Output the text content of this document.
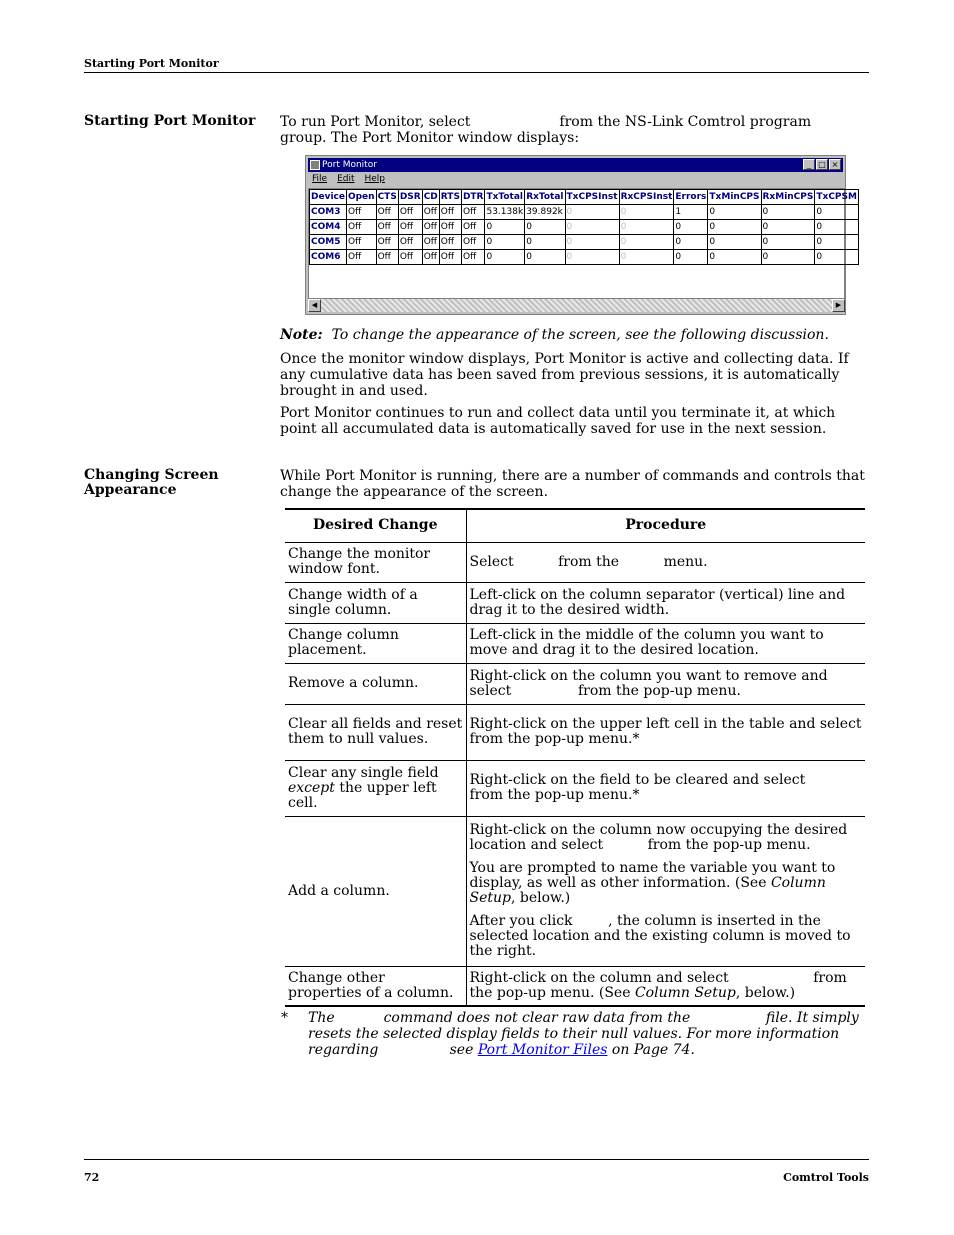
Starting Port Monitor
Starting Port Monitor	To run Port Monitor, select                    from the NS-Link Comtrol program
group. The Port Monitor window displays:
Port Monitor	_ □ ×
File Edit Help
Device	Open	CTS	DSR	CD	RTS	DTR	TxTotal	RxTotal	TxCPSInst	RxCPSInst	Errors	TxMinCPS	RxMinCPS	TxCPSM
COM3	Off	Off	Off	Off	Off	Off	53.138k	39.892k	0	0	1	0	0	0
COM4	Off	Off	Off	Off	Off	Off	0	0	0	0	0	0	0	0
COM5	Off	Off	Off	Off	Off	Off	0	0	0	0	0	0	0	0
COM6	Off	Off	Off	Off	Off	Off	0	0	0	0	0	0	0	0
◀	▶
Note: To change the appearance of the screen, see the following discussion.
Once the monitor window displays, Port Monitor is active and collecting data. If
any cumulative data has been saved from previous sessions, it is automatically
brought in and used.
Port Monitor continues to run and collect data until you terminate it, at which
point all accumulated data is automatically saved for use in the next session.
Changing Screen
Appearance
While Port Monitor is running, there are a number of commands and controls that
change the appearance of the screen.
Desired Change	Procedure
Change the monitor window font.	Select          from the          menu.
Change width of a single column.	Left-click on the column separator (vertical) line and drag it to the desired width.
Change column placement.	Left-click in the middle of the column you want to move and drag it to the desired location.
Remove a column.	Right-click on the column you want to remove and select               from the pop-up menu.
Clear all fields and reset them to null values.	Right-click on the upper left cell in the table and select          from the pop-up menu.*
Clear any single field except the upper left cell.	Right-click on the field to be cleared and select              from the pop-up menu.*
Add a column.	Right-click on the column now occupying the desired location and select          from the pop-up menu.

You are prompted to name the variable you want to display, as well as other information. (See Column Setup, below.)

After you click        , the column is inserted in the selected location and the existing column is moved to the right.

Change other properties of a column.	Right-click on the column and select                   from the pop-up menu. (See Column Setup, below.)
* The           command does not clear raw data from the                 file. It simply
resets the selected display fields to their null values. For more information
regarding                see Port Monitor Files on Page 74.
72	Comtrol Tools
